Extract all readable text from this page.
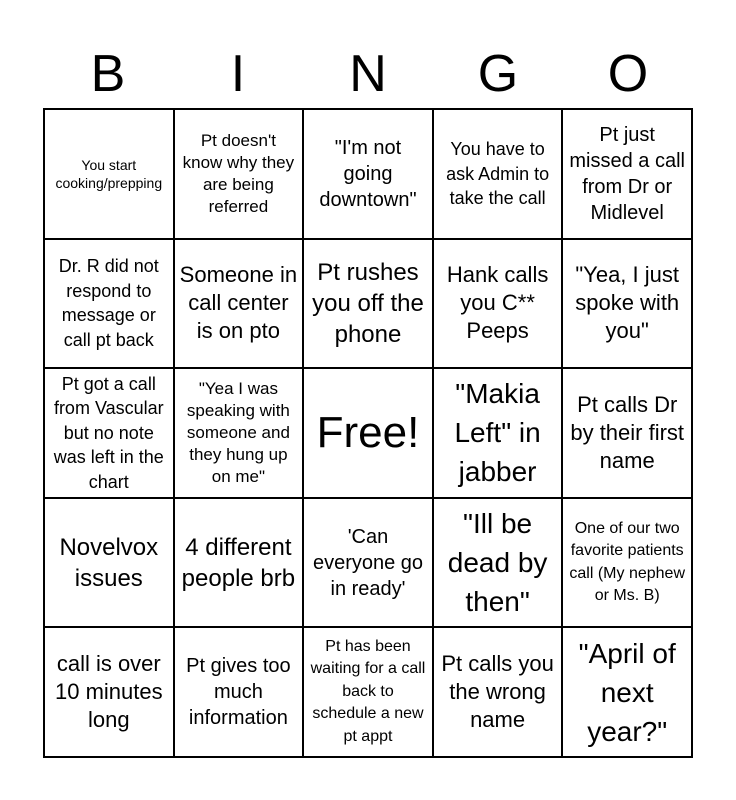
B	I	N	G	O
You start cooking/prepping
Pt doesn't know why they are being referred
"I'm not going downtown"
You have to ask Admin to take the call
Pt just missed a call from Dr or Midlevel
Dr. R did not respond to message or call pt back
Someone in call center is on pto
Pt rushes you off the phone
Hank calls you C** Peeps
"Yea, I just spoke with you"
Pt got a call from Vascular but no note was left in the chart
"Yea I was speaking with someone and they hung up on me"
Free!
"Makia Left" in jabber
Pt calls Dr by their first name
Novelvox issues
4 different people brb
'Can everyone go in ready'
"Ill be dead by then"
One of our two favorite patients call (My nephew or Ms. B)
call is over 10 minutes long
Pt gives too much information
Pt has been waiting for a call back to schedule a new pt appt
Pt calls you the wrong name
"April of next year?"
